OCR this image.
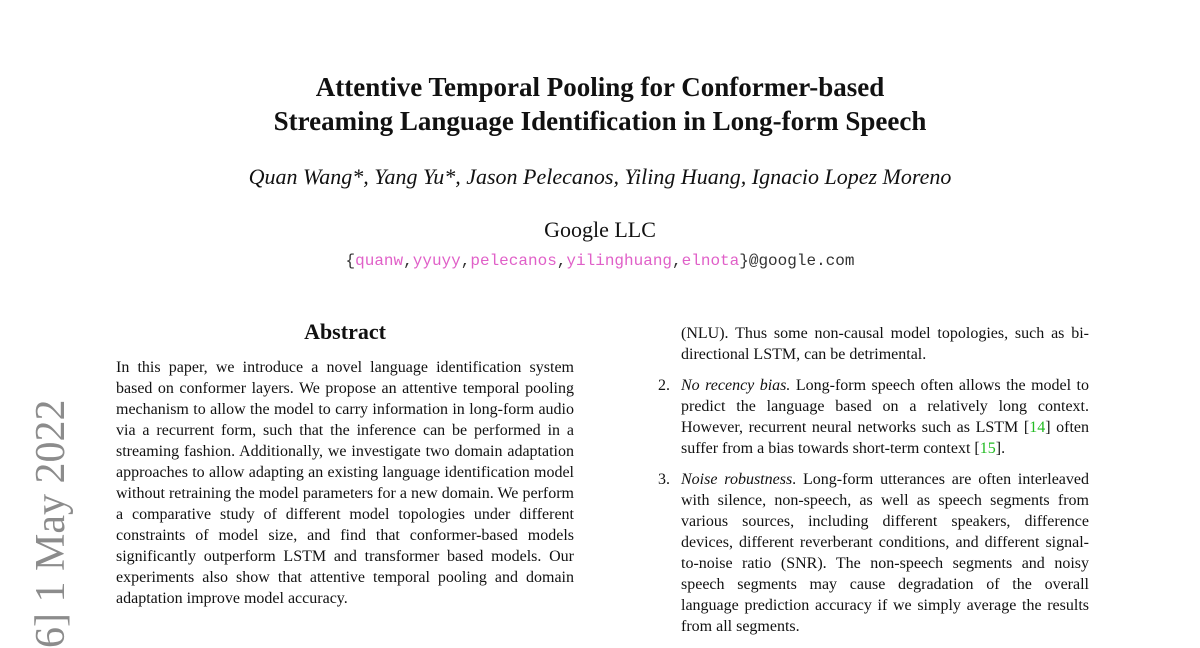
Attentive Temporal Pooling for Conformer-based
Streaming Language Identification in Long-form Speech
Quan Wang*, Yang Yu*, Jason Pelecanos, Yiling Huang, Ignacio Lopez Moreno
Google LLC
{quanw,yyuyy,pelecanos,yilinghuang,elnota}@google.com
Abstract

In this paper, we introduce a novel language identification system based on conformer layers. We propose an attentive temporal pooling mechanism to allow the model to carry information in long-form audio via a recurrent form, such that the inference can be performed in a streaming fashion. Additionally, we investigate two domain adaptation approaches to allow adapting an existing language identification model without retraining the model parameters for a new domain. We perform a comparative study of different model topologies under different constraints of model size, and find that conformer-based models significantly outperform LSTM and transformer based models. Our experiments also show that attentive temporal pooling and domain adaptation improve model accuracy.

(NLU). Thus some non-causal model topologies, such as bi-directional LSTM, can be detrimental.

2. No recency bias. Long-form speech often allows the model to predict the language based on a relatively long context. However, recurrent neural networks such as LSTM [14] often suffer from a bias towards short-term context [15].
3. Noise robustness. Long-form utterances are often interleaved with silence, non-speech, as well as speech segments from various sources, including different speakers, difference devices, different reverberant conditions, and different signal-to-noise ratio (SNR). The non-speech segments and noisy speech segments may cause degradation of the overall language prediction accuracy if we simply average the results from all segments.
6] 1 May 2022
